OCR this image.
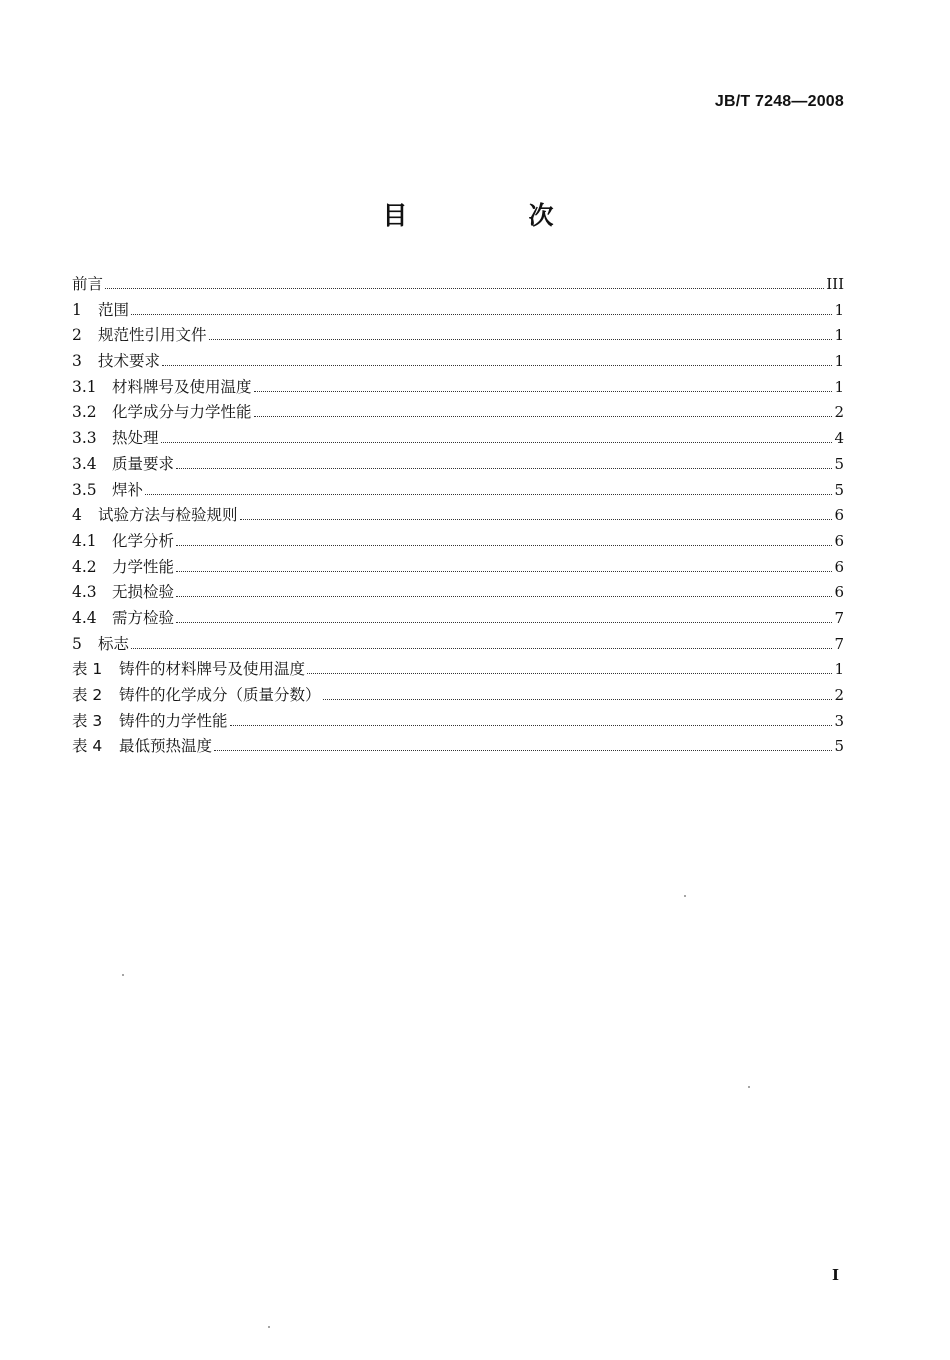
JB/T 7248—2008
目　次
前言	III
1	范围	1
2	规范性引用文件	1
3	技术要求	1
3.1 材料牌号及使用温度	1
3.2 化学成分与力学性能	2
3.3 热处理	4
3.4 质量要求	5
3.5 焊补	5
4	试验方法与检验规则	6
4.1 化学分析	6
4.2 力学性能	6
4.3 无损检验	6
4.4 需方检验	7
5	标志	7
表 1	铸件的材料牌号及使用温度	1
表 2	铸件的化学成分（质量分数）	2
表 3	铸件的力学性能	3
表 4	最低预热温度	5
I
